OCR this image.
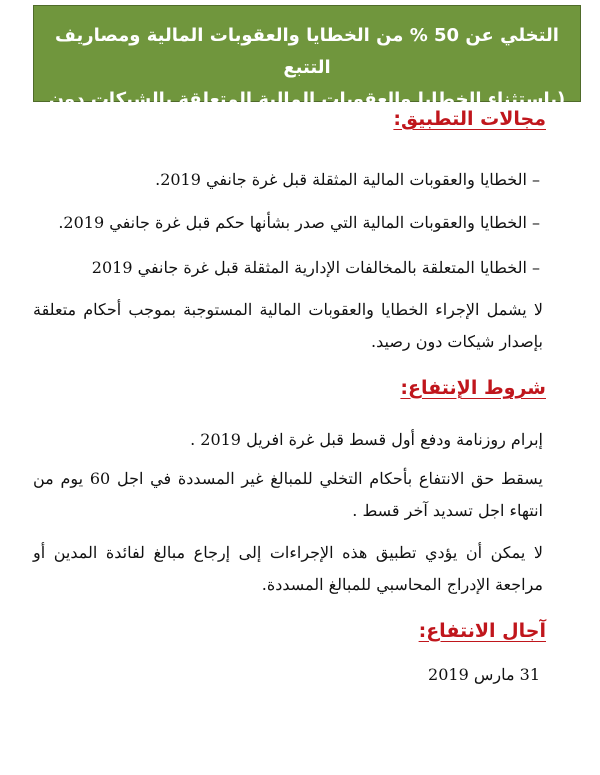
التخلي عن 50 % من الخطايا والعقوبات المالية ومصاريف التتبع
(باستثناء الخطايا والعقوبات المالية المتعلقة بالشيكات دون رصيد )
مجالات التطبيق:
– الخطايا والعقوبات المالية المثقلة قبل غرة جانفي 2019.
– الخطايا والعقوبات المالية التي صدر بشأنها حكم قبل غرة جانفي 2019.
– الخطايا المتعلقة بالمخالفات الإدارية المثقلة قبل غرة جانفي 2019
لا يشمل الإجراء الخطايا والعقوبات المالية المستوجبة بموجب أحكام متعلقة بإصدار شيكات دون رصيد.
شروط الإنتفاع:
إبرام روزنامة ودفع أول قسط قبل غرة افريل 2019 .
يسقط حق الانتفاع بأحكام التخلي للمبالغ غير المسددة في اجل 60 يوم من انتهاء اجل تسديد آخر قسط .
لا يمكن أن يؤدي تطبيق هذه الإجراءات إلى إرجاع مبالغ لفائدة المدين أو مراجعة الإدراج المحاسبي للمبالغ المسددة.
آجال الانتفاع:
31 مارس 2019
